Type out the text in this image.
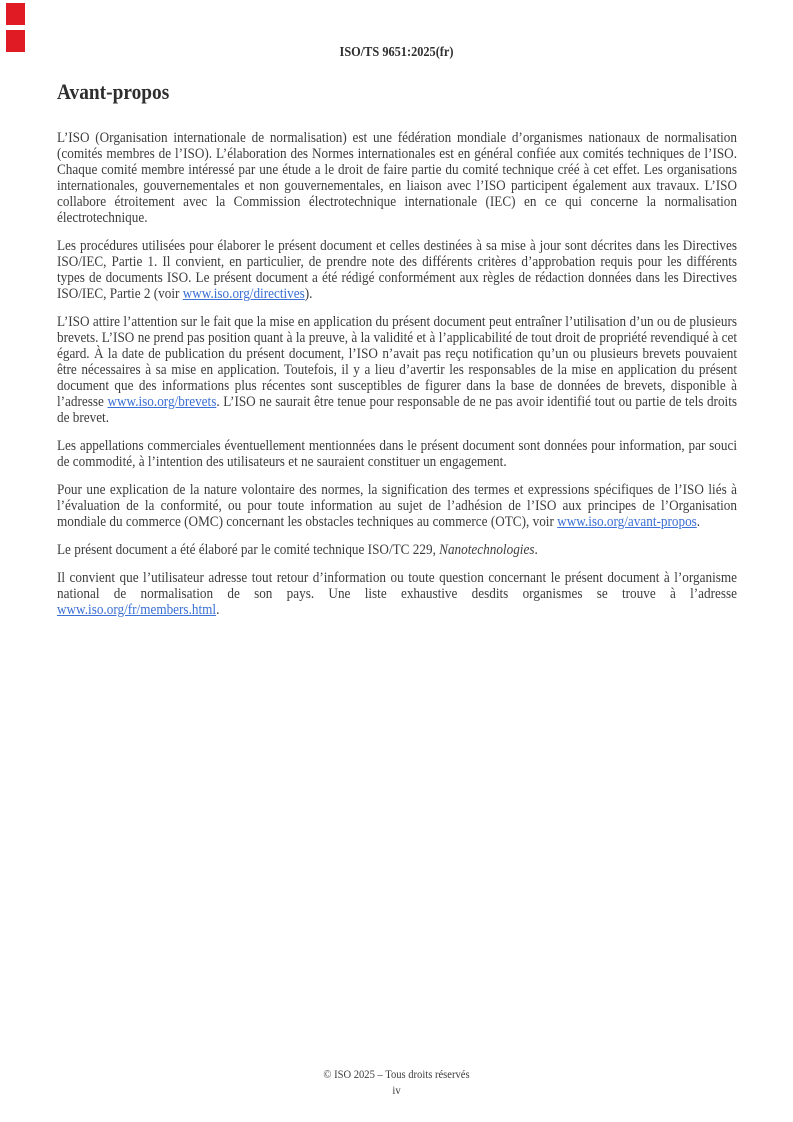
ISO/TS 9651:2025(fr)
Avant-propos

L’ISO (Organisation internationale de normalisation) est une fédération mondiale d’organismes nationaux de normalisation (comités membres de l’ISO). L’élaboration des Normes internationales est en général confiée aux comités techniques de l’ISO. Chaque comité membre intéressé par une étude a le droit de faire partie du comité technique créé à cet effet. Les organisations internationales, gouvernementales et non gouvernementales, en liaison avec l’ISO participent également aux travaux. L’ISO collabore étroitement avec la Commission électrotechnique internationale (IEC) en ce qui concerne la normalisation électrotechnique.

Les procédures utilisées pour élaborer le présent document et celles destinées à sa mise à jour sont décrites dans les Directives ISO/IEC, Partie 1. Il convient, en particulier, de prendre note des différents critères d’approbation requis pour les différents types de documents ISO. Le présent document a été rédigé conformément aux règles de rédaction données dans les Directives ISO/IEC, Partie 2 (voir www.iso.org/directives).

L’ISO attire l’attention sur le fait que la mise en application du présent document peut entraîner l’utilisation d’un ou de plusieurs brevets. L’ISO ne prend pas position quant à la preuve, à la validité et à l’applicabilité de tout droit de propriété revendiqué à cet égard. À la date de publication du présent document, l’ISO n’avait pas reçu notification qu’un ou plusieurs brevets pouvaient être nécessaires à sa mise en application. Toutefois, il y a lieu d’avertir les responsables de la mise en application du présent document que des informations plus récentes sont susceptibles de figurer dans la base de données de brevets, disponible à l’adresse www.iso.org/brevets. L’ISO ne saurait être tenue pour responsable de ne pas avoir identifié tout ou partie de tels droits de brevet.

Les appellations commerciales éventuellement mentionnées dans le présent document sont données pour information, par souci de commodité, à l’intention des utilisateurs et ne sauraient constituer un engagement.

Pour une explication de la nature volontaire des normes, la signification des termes et expressions spécifiques de l’ISO liés à l’évaluation de la conformité, ou pour toute information au sujet de l’adhésion de l’ISO aux principes de l’Organisation mondiale du commerce (OMC) concernant les obstacles techniques au commerce (OTC), voir www.iso.org/avant-propos.

Le présent document a été élaboré par le comité technique ISO/TC 229, Nanotechnologies.

Il convient que l’utilisateur adresse tout retour d’information ou toute question concernant le présent document à l’organisme national de normalisation de son pays. Une liste exhaustive desdits organismes se trouve à l’adresse www.iso.org/fr/members.html.

© ISO 2025 – Tous droits réservés
iv
